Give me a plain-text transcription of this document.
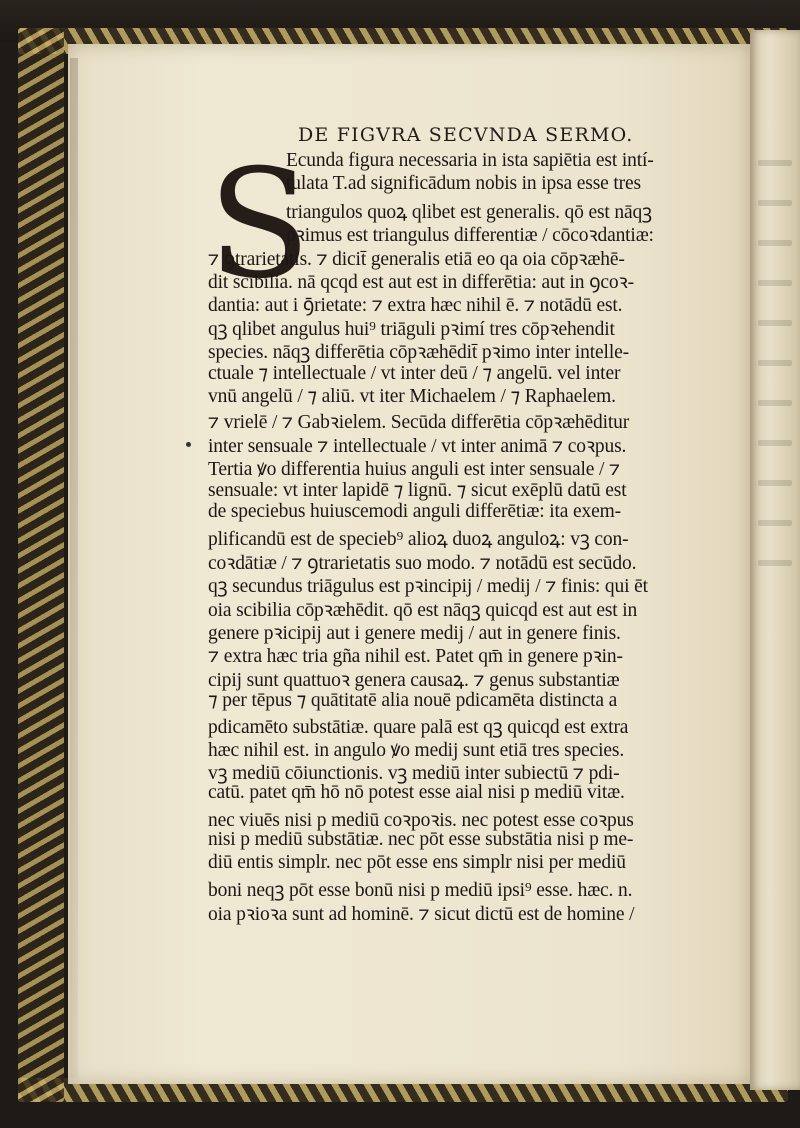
DE FIGVRA SECVNDA SERMO.
S
Ecunda figura necessaria in ista sapiētia est intí-
tulata T.ad significādum nobis in ipsa esse tres
triangulos quoꝝ qlibet est generalis. qō est nāqꝫ
pꝛimus est triangulus differentiæ / cōcoꝛdantiæ:
⁊ ꝯtrarietatis. ⁊ dicit̄ generalis etiā eo qa oia cōpꝛæhē-
dit scibilia. nā qcqd est aut est in differētia: aut in ꝯcoꝛ-
dantia: aut i ꝯ̄rietate: ⁊ extra hæc nihil ē. ⁊ notādū est.
qꝫ qlibet angulus hui⁹ triāguli pꝛimí tres cōpꝛehendit
species. nāqꝫ differētia cōpꝛæhēdit̄ pꝛimo inter intelle-
ctuale ⁊ intellectuale / vt inter deū / ⁊ angelū. vel inter
vnū angelū / ⁊ aliū. vt iter Michaelem / ⁊ Raphaelem.
⁊ vrielē / ⁊ Gabꝛielem. Secūda differētia cōpꝛæhēditur
inter sensuale ⁊ intellectuale / vt inter animā ⁊ coꝛpus.
Tertia ꝟo differentia huius anguli est inter sensuale / ⁊
sensuale: vt inter lapidē ⁊ lignū. ⁊ sicut exēplū datū est
de speciebus huiuscemodi anguli differētiæ: ita exem-
plificandū est de specieb⁹ alioꝝ duoꝝ anguloꝝ: vꝫ con-
coꝛdātiæ / ⁊ ꝯtrarietatis suo modo. ⁊ notādū est secūdo.
qꝫ secundus triāgulus est pꝛincipij / medij / ⁊ finis: qui ēt
oia scibilia cōpꝛæhēdit. qō est nāqꝫ quicqd est aut est in
genere pꝛicipij aut i genere medij / aut in genere finis.
⁊ extra hæc tria gña nihil est. Patet qm̄ in genere pꝛin-
cipij sunt quattuoꝛ genera causaꝝ. ⁊ genus substantiæ
⁊ per tēpus ⁊ quātitatē alia nouē pdicamēta distincta a
pdicamēto substātiæ. quare palā est qꝫ quicqd est extra
hæc nihil est. in angulo ꝟo medij sunt etiā tres species.
vꝫ mediū cōiunctionis. vꝫ mediū inter subiectū ⁊ pdi-
catū. patet qm̄ hō nō potest esse aial nisi p mediū vitæ.
nec viuēs nisi p mediū coꝛpoꝛis. nec potest esse coꝛpus
nisi p mediū substātiæ. nec pōt esse substātia nisi p me-
diū entis simplr. nec pōt esse ens simplr nisi per mediū
boni neqꝫ pōt esse bonū nisi p mediū ipsi⁹ esse. hæc. n.
oia pꝛioꝛa sunt ad hominē. ⁊ sicut dictū est de homine /
